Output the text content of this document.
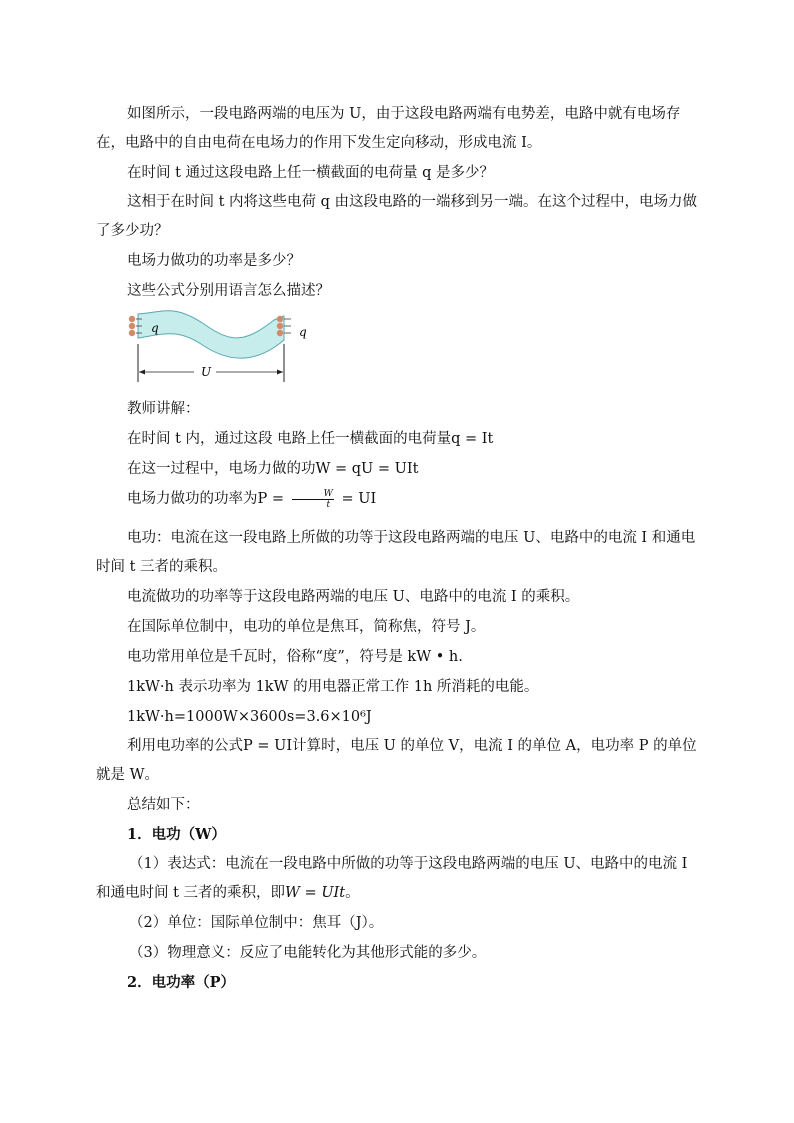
如图所示，一段电路两端的电压为 U，由于这段电路两端有电势差，电路中就有电场存在，电路中的自由电荷在电场力的作用下发生定向移动，形成电流 I。

在时间 t 通过这段电路上任一横截面的电荷量 q 是多少？

这相于在时间 t 内将这些电荷 q 由这段电路的一端移到另一端。在这个过程中，电场力做了多少功？

电场力做功的功率是多少？

这些公式分别用语言怎么描述？

q	q
U

教师讲解：

在时间 t 内，通过这段 电路上任一横截面的电荷量q = It

在这一过程中，电场力做的功W = qU = UIt

电场力做功的功率为$P = \frac{W}{t}$ = UI

电功：电流在这一段电路上所做的功等于这段电路两端的电压 U、电路中的电流 I 和通电时间 t 三者的乘积。

电流做功的功率等于这段电路两端的电压 U、电路中的电流 I 的乘积。

在国际单位制中，电功的单位是焦耳，简称焦，符号 J。

电功常用单位是千瓦时，俗称“度”，符号是 kW • h.

1kW·h 表示功率为 1kW 的用电器正常工作 1h 所消耗的电能。

1kW·h=1000W×3600s=3.6×10⁶J

利用电功率的公式P = UI计算时，电压 U 的单位 V，电流 I 的单位 A，电功率 P 的单位就是 W。

总结如下：

1．电功（W）

（1）表达式：电流在一段电路中所做的功等于这段电路两端的电压 U、电路中的电流 I 和通电时间 t 三者的乘积，即W = UIt。

（2）单位：国际单位制中：焦耳（J）。

（3）物理意义：反应了电能转化为其他形式能的多少。

2．电功率（P）
